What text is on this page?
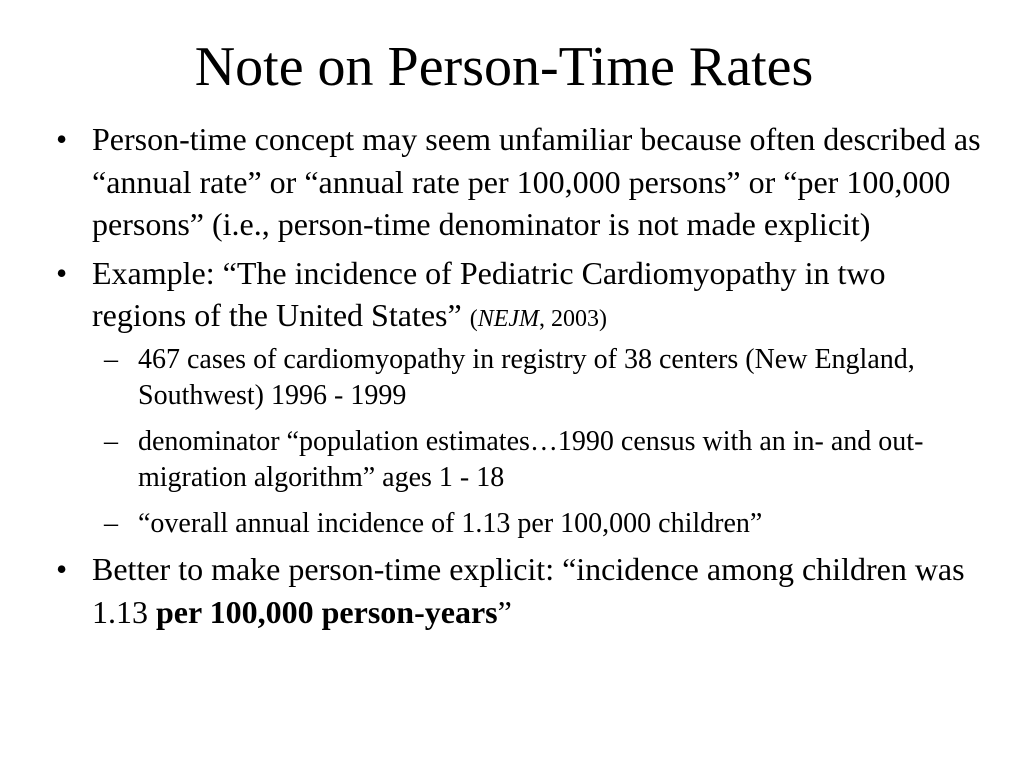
Note on Person-Time Rates
• Person-time concept may seem unfamiliar because often described as “annual rate” or “annual rate per 100,000 persons” or “per 100,000 persons” (i.e., person-time denominator is not made explicit)
• Example: “The incidence of Pediatric Cardiomyopathy in two regions of the United States” (NEJM, 2003)
– 467 cases of cardiomyopathy in registry of 38 centers (New England, Southwest) 1996 - 1999
– denominator “population estimates…1990 census with an in- and out-migration algorithm” ages 1 - 18
– “overall annual incidence of 1.13 per 100,000 children”
• Better to make person-time explicit: “incidence among children was 1.13 per 100,000 person-years”
